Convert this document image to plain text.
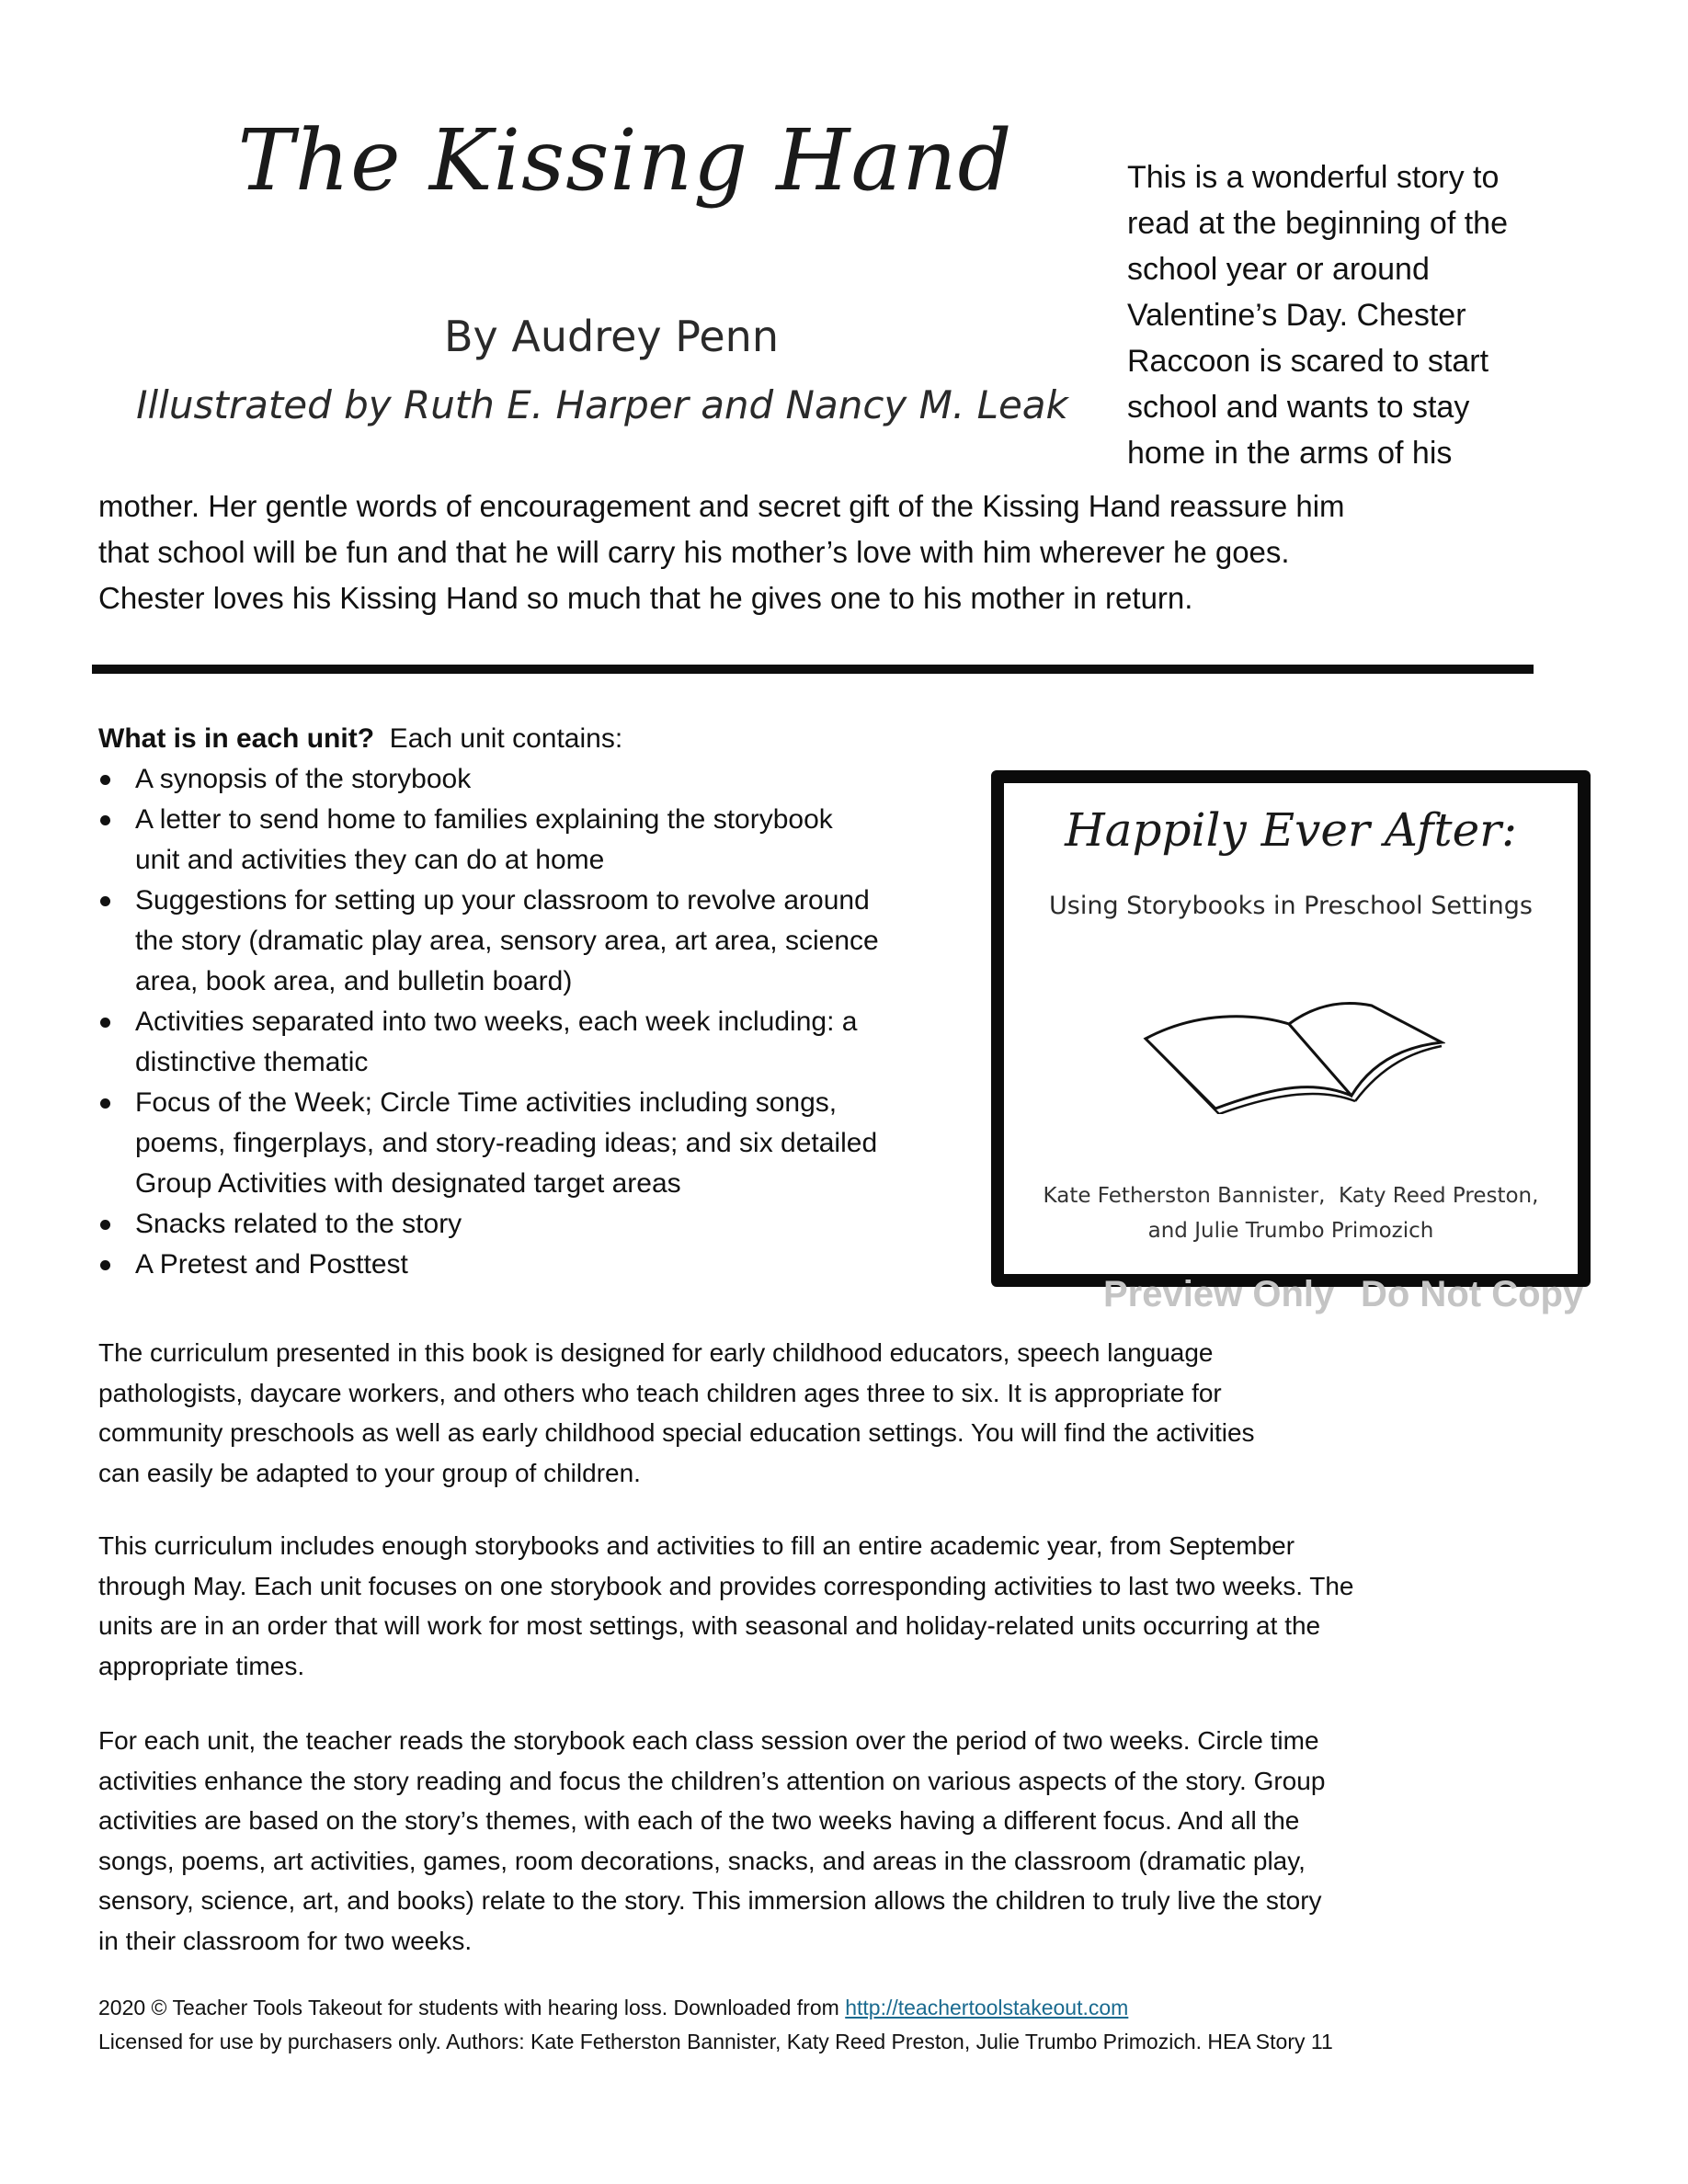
The Kissing Hand
By Audrey Penn
Illustrated by Ruth E. Harper and Nancy M. Leak
This is a wonderful story to
read at the beginning of the
school year or around
Valentine’s Day. Chester
Raccoon is scared to start
school and wants to stay
home in the arms of his
mother. Her gentle words of encouragement and secret gift of the Kissing Hand reassure him
that school will be fun and that he will carry his mother’s love with him wherever he goes.
Chester loves his Kissing Hand so much that he gives one to his mother in return.
What is in each unit?  Each unit contains:
A synopsis of the storybook
A letter to send home to families explaining the storybook
unit and activities they can do at home
Suggestions for setting up your classroom to revolve around
the story (dramatic play area, sensory area, art area, science
area, book area, and bulletin board)
Activities separated into two weeks, each week including: a
distinctive thematic
Focus of the Week; Circle Time activities including songs,
poems, fingerplays, and story-reading ideas; and six detailed
Group Activities with designated target areas
Snacks related to the story
A Pretest and Posttest
Happily Ever After:
Using Storybooks in Preschool Settings
Kate Fetherston Bannister,  Katy Reed Preston,
and Julie Trumbo Primozich
The curriculum presented in this book is designed for early childhood educators, speech language
pathologists, daycare workers, and others who teach children ages three to six. It is appropriate for
community preschools as well as early childhood special education settings. You will find the activities
can easily be adapted to your group of children.
This curriculum includes enough storybooks and activities to fill an entire academic year, from September
through May. Each unit focuses on one storybook and provides corresponding activities to last two weeks. The
units are in an order that will work for most settings, with seasonal and holiday-related units occurring at the
appropriate times.
For each unit, the teacher reads the storybook each class session over the period of two weeks. Circle time
activities enhance the story reading and focus the children’s attention on various aspects of the story. Group
activities are based on the story’s themes, with each of the two weeks having a different focus. And all the
songs, poems, art activities, games, room decorations, snacks, and areas in the classroom (dramatic play,
sensory, science, art, and books) relate to the story. This immersion allows the children to truly live the story
in their classroom for two weeks.
2020 © Teacher Tools Takeout for students with hearing loss. Downloaded from http://teachertoolstakeout.com
Licensed for use by purchasers only. Authors: Kate Fetherston Bannister, Katy Reed Preston, Julie Trumbo Primozich. HEA Story 11
Preview Only Do Not Copy
